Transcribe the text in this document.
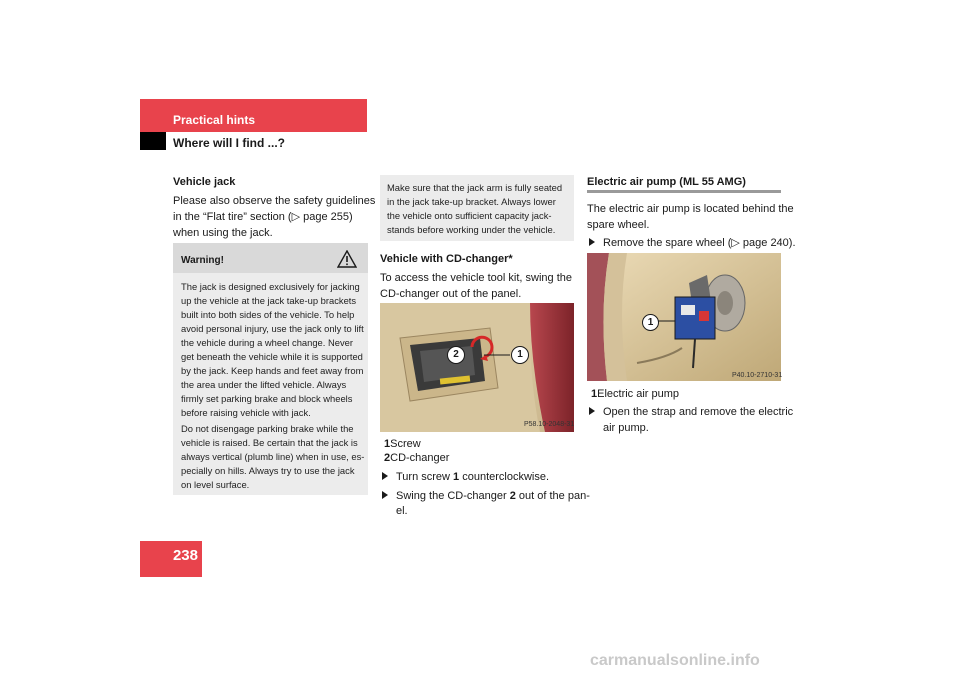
Practical hints
Where will I find ...?
Vehicle jack
Please also observe the safety guidelines
in the “Flat tire” section (▷ page 255)
when using the jack.
Warning!
The jack is designed exclusively for jacking
up the vehicle at the jack take-up brackets
built into both sides of the vehicle. To help
avoid personal injury, use the jack only to lift
the vehicle during a wheel change. Never
get beneath the vehicle while it is supported
by the jack. Keep hands and feet away from
the area under the lifted vehicle. Always
firmly set parking brake and block wheels
before raising vehicle with jack.
Do not disengage parking brake while the
vehicle is raised. Be certain that the jack is
always vertical (plumb line) when in use, es-
pecially on hills. Always try to use the jack
on level surface.
Make sure that the jack arm is fully seated
in the jack take-up bracket. Always lower
the vehicle onto sufficient capacity jack-
stands before working under the vehicle.
Vehicle with CD-changer*
To access the vehicle tool kit, swing the
CD-changer out of the panel.
2	1
P58.10-2048-31
1Screw
2CD-changer
Turn screw 1 counterclockwise.
Swing the CD-changer 2 out of the pan-
el.
Electric air pump (ML 55 AMG)
The electric air pump is located behind the
spare wheel.
Remove the spare wheel (▷ page 240).
1
P40.10-2710-31
1Electric air pump
Open the strap and remove the electric
air pump.
238
carmanualsonline.info
